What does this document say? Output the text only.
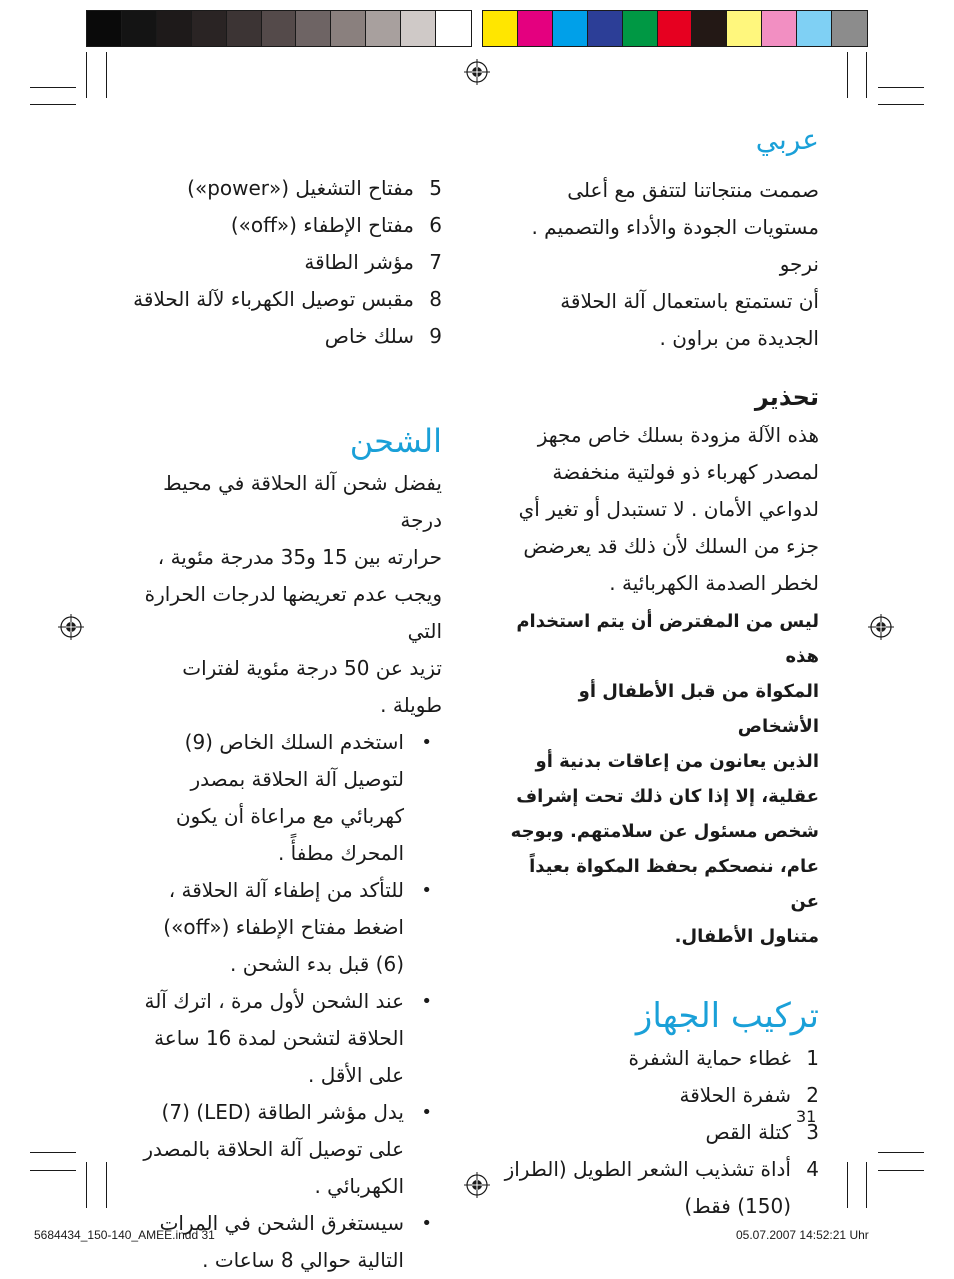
عربي

صممت منتجاتنا لتتفق مع أعلى

مستويات الجودة والأداء والتصميم . نرجو

أن تستمتع باستعمال آلة الحلاقة

الجديدة من براون .

تحذير

هذه الآلة مزودة بسلك خاص مجهز

لمصدر كهرباء ذو فولتية منخفضة

لدواعي الأمان . لا تستبدل أو تغير أي

جزء من السلك لأن ذلك قد يعرضض

لخطر الصدمة الكهربائية .

ليس من المفترض أن يتم استخدام هذه

المكواة من قبل الأطفال أو الأشخاص

الذين يعانون من إعاقات بدنية أو

عقلية، إلا إذا كان ذلك تحت إشراف

شخص مسئول عن سلامتهم. وبوجه

عام، ننصحكم بحفظ المكواة بعيداً عن

متناول الأطفال.

تركيب الجهاز
1
غطاء حماية الشفرة
2
شفرة الحلاقة
3
كتلة القص
4
أداة تشذيب الشعر الطويل (الطراز (150) فقط)
5
مفتاح التشغيل («power»)
6
مفتاح الإطفاء («off»)
7
مؤشر الطاقة
8
مقبس توصيل الكهرباء لآلة الحلاقة
9
سلك خاص
الشحن

يفضل شحن آلة الحلاقة في محيط درجة

حرارته بين 15 و35 مدرجة مئوية ،

ويجب عدم تعريضها لدرجات الحرارة التي

تزيد عن 50 درجة مئوية لفترات طويلة .

• استخدم السلك الخاص (9) لتوصيل آلة الحلاقة بمصدر كهربائي مع مراعاة أن يكون المحرك مطفأً .
• للتأكد من إطفاء آلة الحلاقة ، اضغط مفتاح الإطفاء («off») (6) قبل بدء الشحن .
• عند الشحن لأول مرة ، اترك آلة الحلاقة لتشحن لمدة 16 ساعة على الأقل .
• يدل مؤشر الطاقة (LED) (7) على توصيل آلة الحلاقة بالمصدر الكهربائي .
• سيستغرق الشحن في المرات التالية حوالي 8 ساعات .
31
5684434_150-140_AMEE.indd 31	05.07.2007 14:52:21 Uhr
